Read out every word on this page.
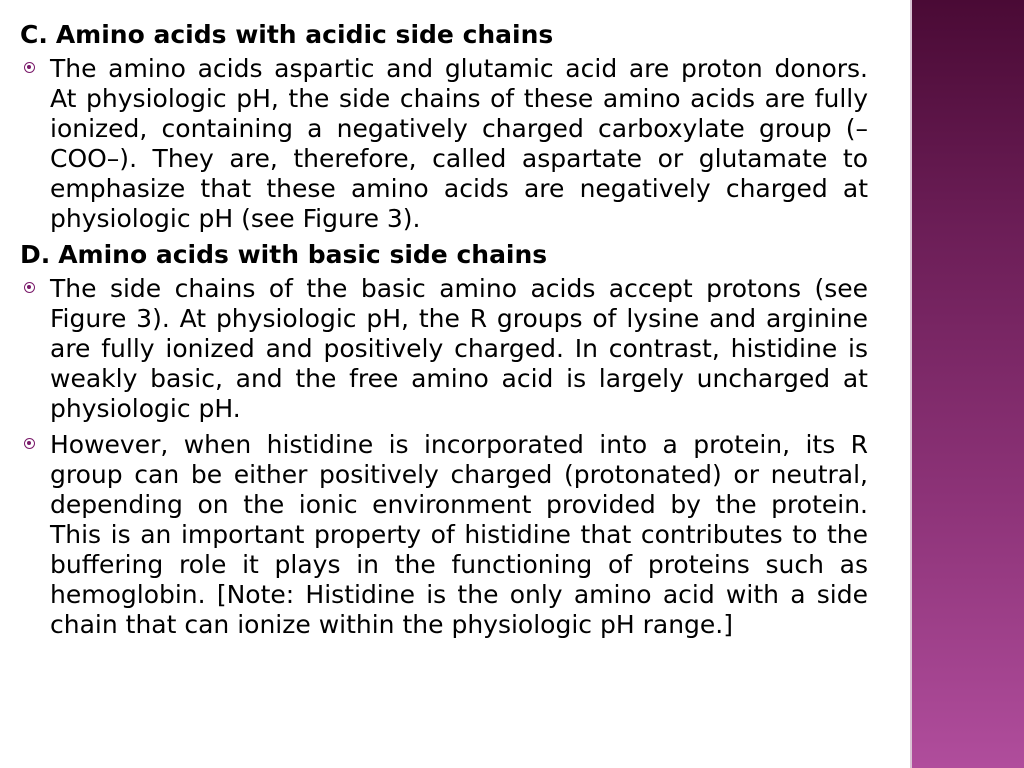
C. Amino acids with acidic side chains
The amino acids aspartic and glutamic acid are proton donors. At physiologic pH, the side chains of these amino acids are fully ionized, containing a negatively charged carboxylate group (–COO–). They are, therefore, called aspartate or glutamate to emphasize that these amino acids are negatively charged at physiologic pH (see Figure 3).
D. Amino acids with basic side chains
The side chains of the basic amino acids accept protons (see Figure 3). At physiologic pH, the R groups of lysine and arginine are fully ionized and positively charged. In contrast, histidine is weakly basic, and the free amino acid is largely uncharged at physiologic pH.
However, when histidine is incorporated into a protein, its R group can be either positively charged (protonated) or neutral, depending on the ionic environment provided by the protein. This is an important property of histidine that contributes to the buffering role it plays in the functioning of proteins such as hemoglobin. [Note: Histidine is the only amino acid with a side chain that can ionize within the physiologic pH range.]
